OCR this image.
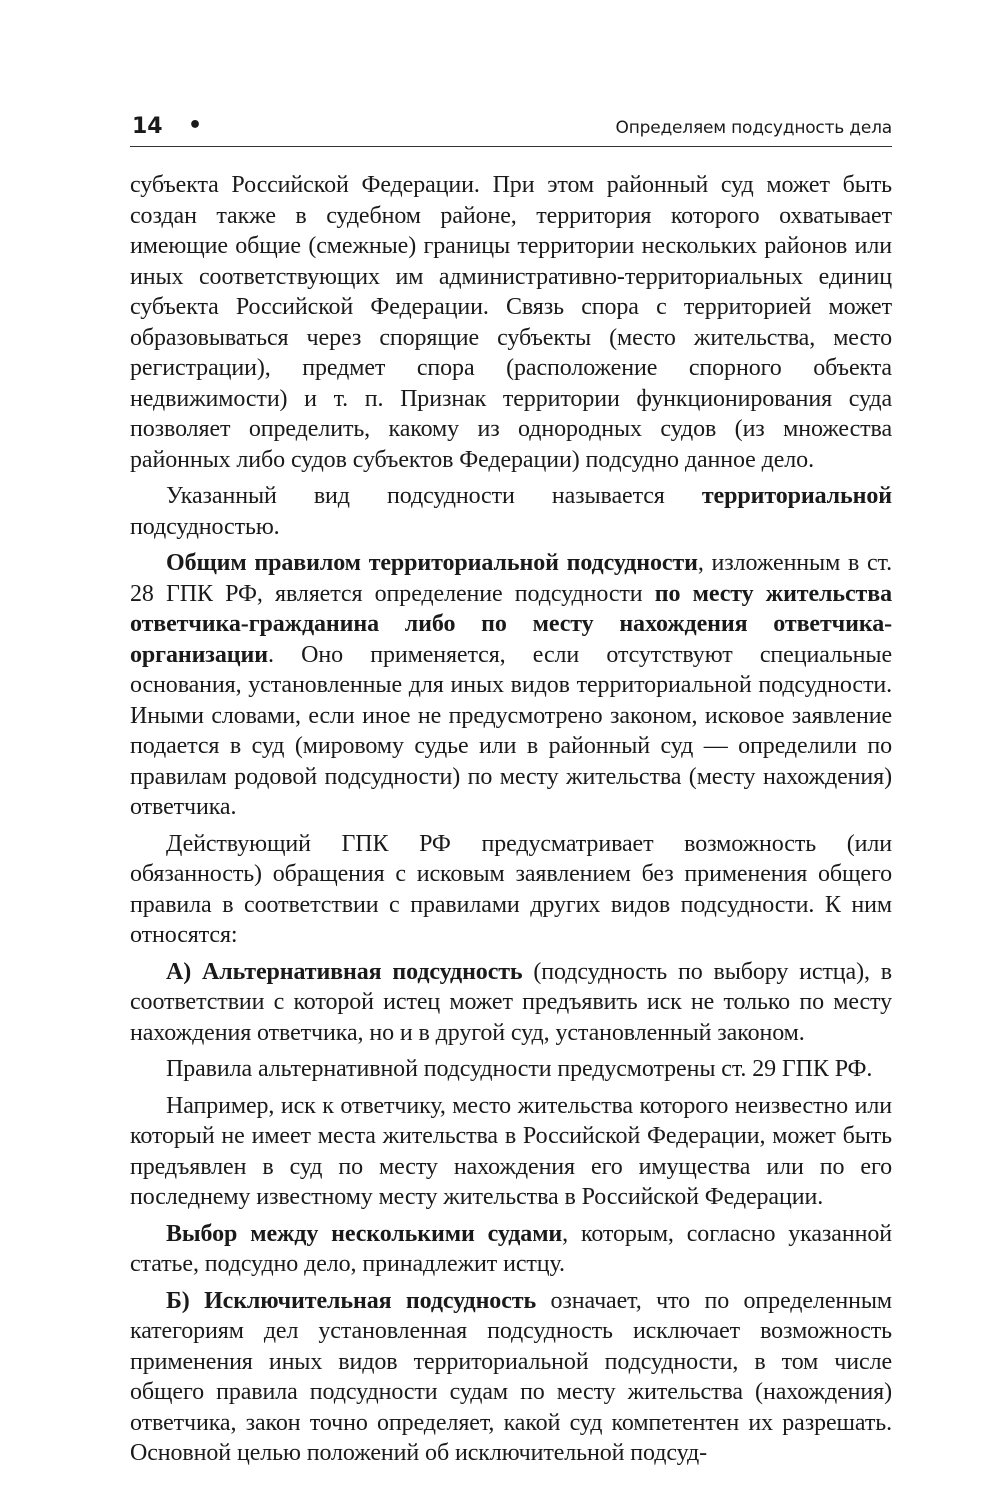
14 •	Определяем подсудность дела

субъекта Российской Федерации. При этом районный суд может быть создан также в судебном районе, территория которого охватывает имеющие общие (смежные) границы территории нескольких районов или иных соответствующих им административно-территориальных единиц субъекта Российской Федерации. Связь спора с территорией может образовываться через спорящие субъекты (место жительства, место регистрации), предмет спора (расположение спорного объекта недвижимости) и т. п. Признак территории функционирования суда позволяет определить, какому из однородных судов (из множества районных либо судов субъектов Федерации) подсудно данное дело.

Указанный вид подсудности называется территориальной подсудностью.

Общим правилом территориальной подсудности, изложенным в ст. 28 ГПК РФ, является определение подсудности по месту жительства ответчика-гражданина либо по месту нахождения ответчика-организации. Оно применяется, если отсутствуют специальные основания, установленные для иных видов территориальной подсудности. Иными словами, если иное не предусмотрено законом, исковое заявление подается в суд (мировому судье или в районный суд — определили по правилам родовой подсудности) по месту жительства (месту нахождения) ответчика.

Действующий ГПК РФ предусматривает возможность (или обязанность) обращения с исковым заявлением без применения общего правила в соответствии с правилами других видов подсудности. К ним относятся:

А) Альтернативная подсудность (подсудность по выбору истца), в соответствии с которой истец может предъявить иск не только по месту нахождения ответчика, но и в другой суд, установленный законом.

Правила альтернативной подсудности предусмотрены ст. 29 ГПК РФ.

Например, иск к ответчику, место жительства которого неизвестно или который не имеет места жительства в Российской Федерации, может быть предъявлен в суд по месту нахождения его имущества или по его последнему известному месту жительства в Российской Федерации.

Выбор между несколькими судами, которым, согласно указанной статье, подсудно дело, принадлежит истцу.

Б) Исключительная подсудность означает, что по определенным категориям дел установленная подсудность исключает возможность применения иных видов территориальной подсудности, в том числе общего правила подсудности судам по месту жительства (нахождения) ответчика, закон точно определяет, какой суд компетентен их разрешать. Основной целью положений об исключительной подсуд-
